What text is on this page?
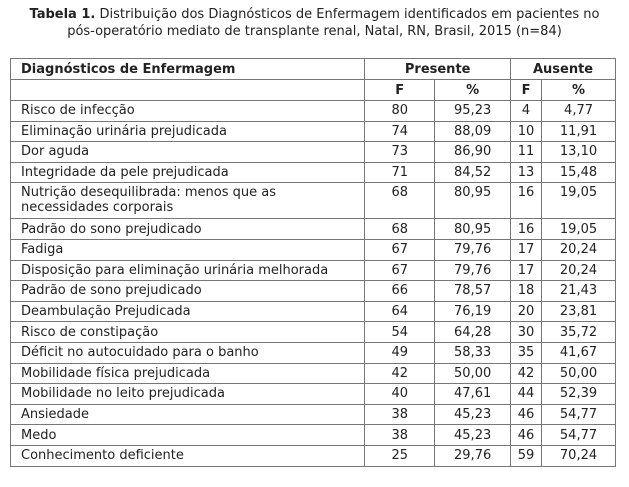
Tabela 1. Distribuição dos Diagnósticos de Enfermagem identificados em pacientes no
pós-operatório mediato de transplante renal, Natal, RN, Brasil, 2015 (n=84)
Diagnósticos de Enfermagem	Presente		Ausente	
	F	%	F	%
Risco de infecção	80	95,23	4	4,77
Eliminação urinária prejudicada	74	88,09	10	11,91
Dor aguda	73	86,90	11	13,10
Integridade da pele prejudicada	71	84,52	13	15,48
Nutrição desequilibrada: menos que as necessidades corporais	68	80,95	16	19,05
Padrão do sono prejudicado	68	80,95	16	19,05
Fadiga	67	79,76	17	20,24
Disposição para eliminação urinária melhorada	67	79,76	17	20,24
Padrão de sono prejudicado	66	78,57	18	21,43
Deambulação Prejudicada	64	76,19	20	23,81
Risco de constipação	54	64,28	30	35,72
Déficit no autocuidado para o banho	49	58,33	35	41,67
Mobilidade física prejudicada	42	50,00	42	50,00
Mobilidade no leito prejudicada	40	47,61	44	52,39
Ansiedade	38	45,23	46	54,77
Medo	38	45,23	46	54,77
Conhecimento deficiente	25	29,76	59	70,24
